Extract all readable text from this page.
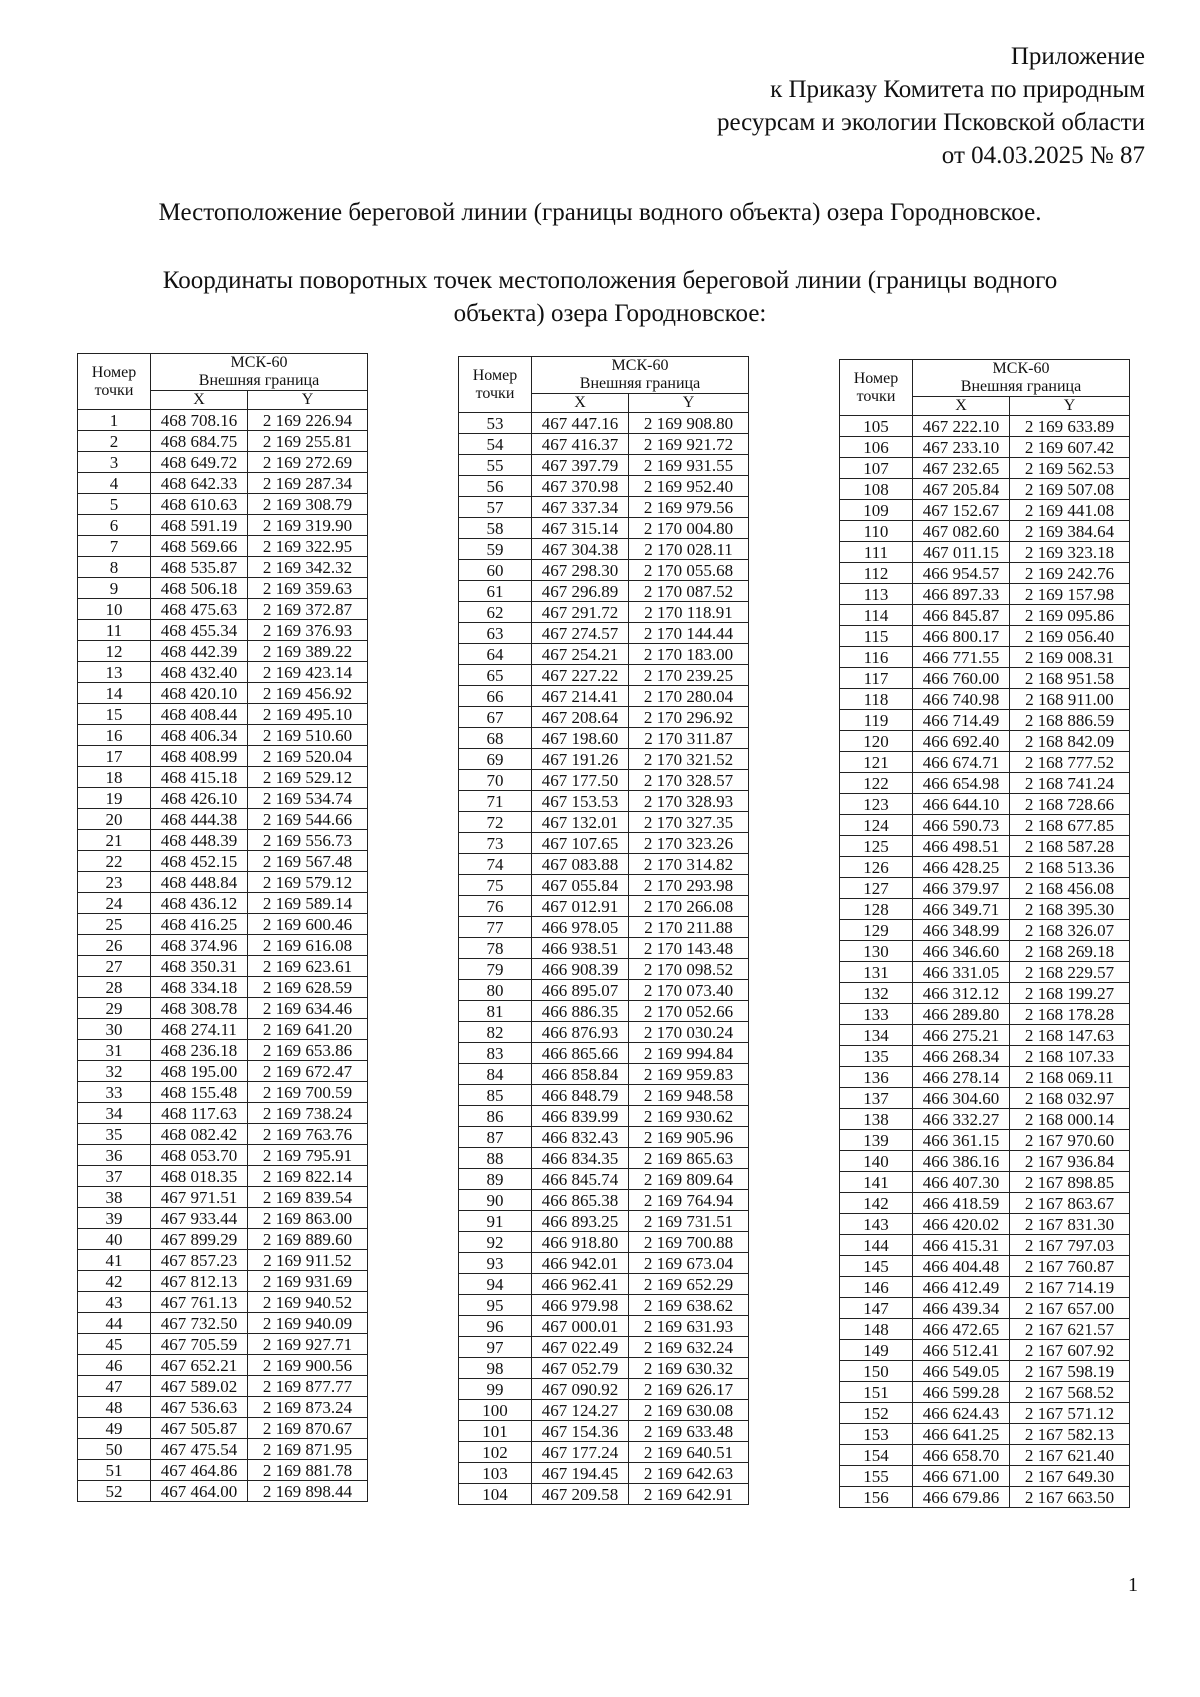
Приложение
к Приказу Комитета по природным
ресурсам и экологии Псковской области
от 04.03.2025 № 87
Местоположение береговой линии (границы водного объекта) озера Городновское.
Координаты поворотных точек местоположения береговой линии (границы водного
объекта) озера Городновское:
Номер
точки	МСК-60	
	Внешняя граница	
	X	Y
1	468 708.16	2 169 226.94
2	468 684.75	2 169 255.81
3	468 649.72	2 169 272.69
4	468 642.33	2 169 287.34
5	468 610.63	2 169 308.79
6	468 591.19	2 169 319.90
7	468 569.66	2 169 322.95
8	468 535.87	2 169 342.32
9	468 506.18	2 169 359.63
10	468 475.63	2 169 372.87
11	468 455.34	2 169 376.93
12	468 442.39	2 169 389.22
13	468 432.40	2 169 423.14
14	468 420.10	2 169 456.92
15	468 408.44	2 169 495.10
16	468 406.34	2 169 510.60
17	468 408.99	2 169 520.04
18	468 415.18	2 169 529.12
19	468 426.10	2 169 534.74
20	468 444.38	2 169 544.66
21	468 448.39	2 169 556.73
22	468 452.15	2 169 567.48
23	468 448.84	2 169 579.12
24	468 436.12	2 169 589.14
25	468 416.25	2 169 600.46
26	468 374.96	2 169 616.08
27	468 350.31	2 169 623.61
28	468 334.18	2 169 628.59
29	468 308.78	2 169 634.46
30	468 274.11	2 169 641.20
31	468 236.18	2 169 653.86
32	468 195.00	2 169 672.47
33	468 155.48	2 169 700.59
34	468 117.63	2 169 738.24
35	468 082.42	2 169 763.76
36	468 053.70	2 169 795.91
37	468 018.35	2 169 822.14
38	467 971.51	2 169 839.54
39	467 933.44	2 169 863.00
40	467 899.29	2 169 889.60
41	467 857.23	2 169 911.52
42	467 812.13	2 169 931.69
43	467 761.13	2 169 940.52
44	467 732.50	2 169 940.09
45	467 705.59	2 169 927.71
46	467 652.21	2 169 900.56
47	467 589.02	2 169 877.77
48	467 536.63	2 169 873.24
49	467 505.87	2 169 870.67
50	467 475.54	2 169 871.95
51	467 464.86	2 169 881.78
52	467 464.00	2 169 898.44
Номер
точки	МСК-60	
	Внешняя граница	
	X	Y
53	467 447.16	2 169 908.80
54	467 416.37	2 169 921.72
55	467 397.79	2 169 931.55
56	467 370.98	2 169 952.40
57	467 337.34	2 169 979.56
58	467 315.14	2 170 004.80
59	467 304.38	2 170 028.11
60	467 298.30	2 170 055.68
61	467 296.89	2 170 087.52
62	467 291.72	2 170 118.91
63	467 274.57	2 170 144.44
64	467 254.21	2 170 183.00
65	467 227.22	2 170 239.25
66	467 214.41	2 170 280.04
67	467 208.64	2 170 296.92
68	467 198.60	2 170 311.87
69	467 191.26	2 170 321.52
70	467 177.50	2 170 328.57
71	467 153.53	2 170 328.93
72	467 132.01	2 170 327.35
73	467 107.65	2 170 323.26
74	467 083.88	2 170 314.82
75	467 055.84	2 170 293.98
76	467 012.91	2 170 266.08
77	466 978.05	2 170 211.88
78	466 938.51	2 170 143.48
79	466 908.39	2 170 098.52
80	466 895.07	2 170 073.40
81	466 886.35	2 170 052.66
82	466 876.93	2 170 030.24
83	466 865.66	2 169 994.84
84	466 858.84	2 169 959.83
85	466 848.79	2 169 948.58
86	466 839.99	2 169 930.62
87	466 832.43	2 169 905.96
88	466 834.35	2 169 865.63
89	466 845.74	2 169 809.64
90	466 865.38	2 169 764.94
91	466 893.25	2 169 731.51
92	466 918.80	2 169 700.88
93	466 942.01	2 169 673.04
94	466 962.41	2 169 652.29
95	466 979.98	2 169 638.62
96	467 000.01	2 169 631.93
97	467 022.49	2 169 632.24
98	467 052.79	2 169 630.32
99	467 090.92	2 169 626.17
100	467 124.27	2 169 630.08
101	467 154.36	2 169 633.48
102	467 177.24	2 169 640.51
103	467 194.45	2 169 642.63
104	467 209.58	2 169 642.91
Номер
точки	МСК-60	
	Внешняя граница	
	X	Y
105	467 222.10	2 169 633.89
106	467 233.10	2 169 607.42
107	467 232.65	2 169 562.53
108	467 205.84	2 169 507.08
109	467 152.67	2 169 441.08
110	467 082.60	2 169 384.64
111	467 011.15	2 169 323.18
112	466 954.57	2 169 242.76
113	466 897.33	2 169 157.98
114	466 845.87	2 169 095.86
115	466 800.17	2 169 056.40
116	466 771.55	2 169 008.31
117	466 760.00	2 168 951.58
118	466 740.98	2 168 911.00
119	466 714.49	2 168 886.59
120	466 692.40	2 168 842.09
121	466 674.71	2 168 777.52
122	466 654.98	2 168 741.24
123	466 644.10	2 168 728.66
124	466 590.73	2 168 677.85
125	466 498.51	2 168 587.28
126	466 428.25	2 168 513.36
127	466 379.97	2 168 456.08
128	466 349.71	2 168 395.30
129	466 348.99	2 168 326.07
130	466 346.60	2 168 269.18
131	466 331.05	2 168 229.57
132	466 312.12	2 168 199.27
133	466 289.80	2 168 178.28
134	466 275.21	2 168 147.63
135	466 268.34	2 168 107.33
136	466 278.14	2 168 069.11
137	466 304.60	2 168 032.97
138	466 332.27	2 168 000.14
139	466 361.15	2 167 970.60
140	466 386.16	2 167 936.84
141	466 407.30	2 167 898.85
142	466 418.59	2 167 863.67
143	466 420.02	2 167 831.30
144	466 415.31	2 167 797.03
145	466 404.48	2 167 760.87
146	466 412.49	2 167 714.19
147	466 439.34	2 167 657.00
148	466 472.65	2 167 621.57
149	466 512.41	2 167 607.92
150	466 549.05	2 167 598.19
151	466 599.28	2 167 568.52
152	466 624.43	2 167 571.12
153	466 641.25	2 167 582.13
154	466 658.70	2 167 621.40
155	466 671.00	2 167 649.30
156	466 679.86	2 167 663.50
1
